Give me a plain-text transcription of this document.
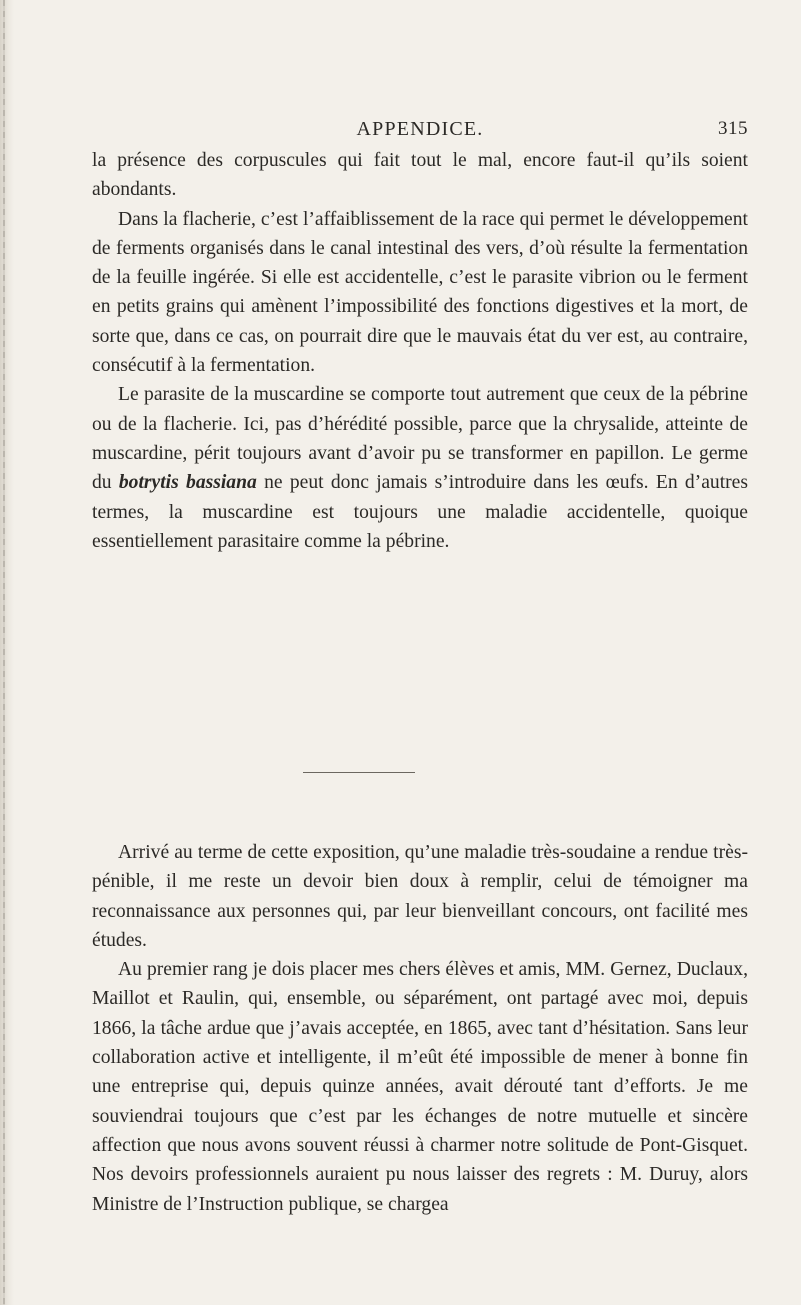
APPENDICE.	315

la présence des corpuscules qui fait tout le mal, encore faut-il qu’ils soient abondants.

Dans la flacherie, c’est l’affaiblissement de la race qui permet le développement de ferments organisés dans le canal intestinal des vers, d’où résulte la fermentation de la feuille ingérée. Si elle est accidentelle, c’est le parasite vibrion ou le ferment en petits grains qui amènent l’impossibilité des fonctions digestives et la mort, de sorte que, dans ce cas, on pourrait dire que le mauvais état du ver est, au contraire, consécutif à la fermentation.

Le parasite de la muscardine se comporte tout autrement que ceux de la pébrine ou de la flacherie. Ici, pas d’hérédité possible, parce que la chrysalide, atteinte de muscardine, périt toujours avant d’avoir pu se transformer en papillon. Le germe du botrytis bassiana ne peut donc jamais s’introduire dans les œufs. En d’autres termes, la muscardine est toujours une maladie accidentelle, quoique essentiellement parasitaire comme la pébrine.

Arrivé au terme de cette exposition, qu’une maladie très-soudaine a rendue très-pénible, il me reste un devoir bien doux à remplir, celui de témoigner ma reconnaissance aux personnes qui, par leur bienveillant concours, ont facilité mes études.

Au premier rang je dois placer mes chers élèves et amis, MM. Gernez, Duclaux, Maillot et Raulin, qui, ensemble, ou séparément, ont partagé avec moi, depuis 1866, la tâche ardue que j’avais acceptée, en 1865, avec tant d’hésitation. Sans leur collaboration active et intelligente, il m’eût été impossible de mener à bonne fin une entreprise qui, depuis quinze années, avait dérouté tant d’efforts. Je me souviendrai toujours que c’est par les échanges de notre mutuelle et sincère affection que nous avons souvent réussi à charmer notre solitude de Pont-Gisquet. Nos devoirs professionnels auraient pu nous laisser des regrets : M. Duruy, alors Ministre de l’Instruction publique, se chargea
